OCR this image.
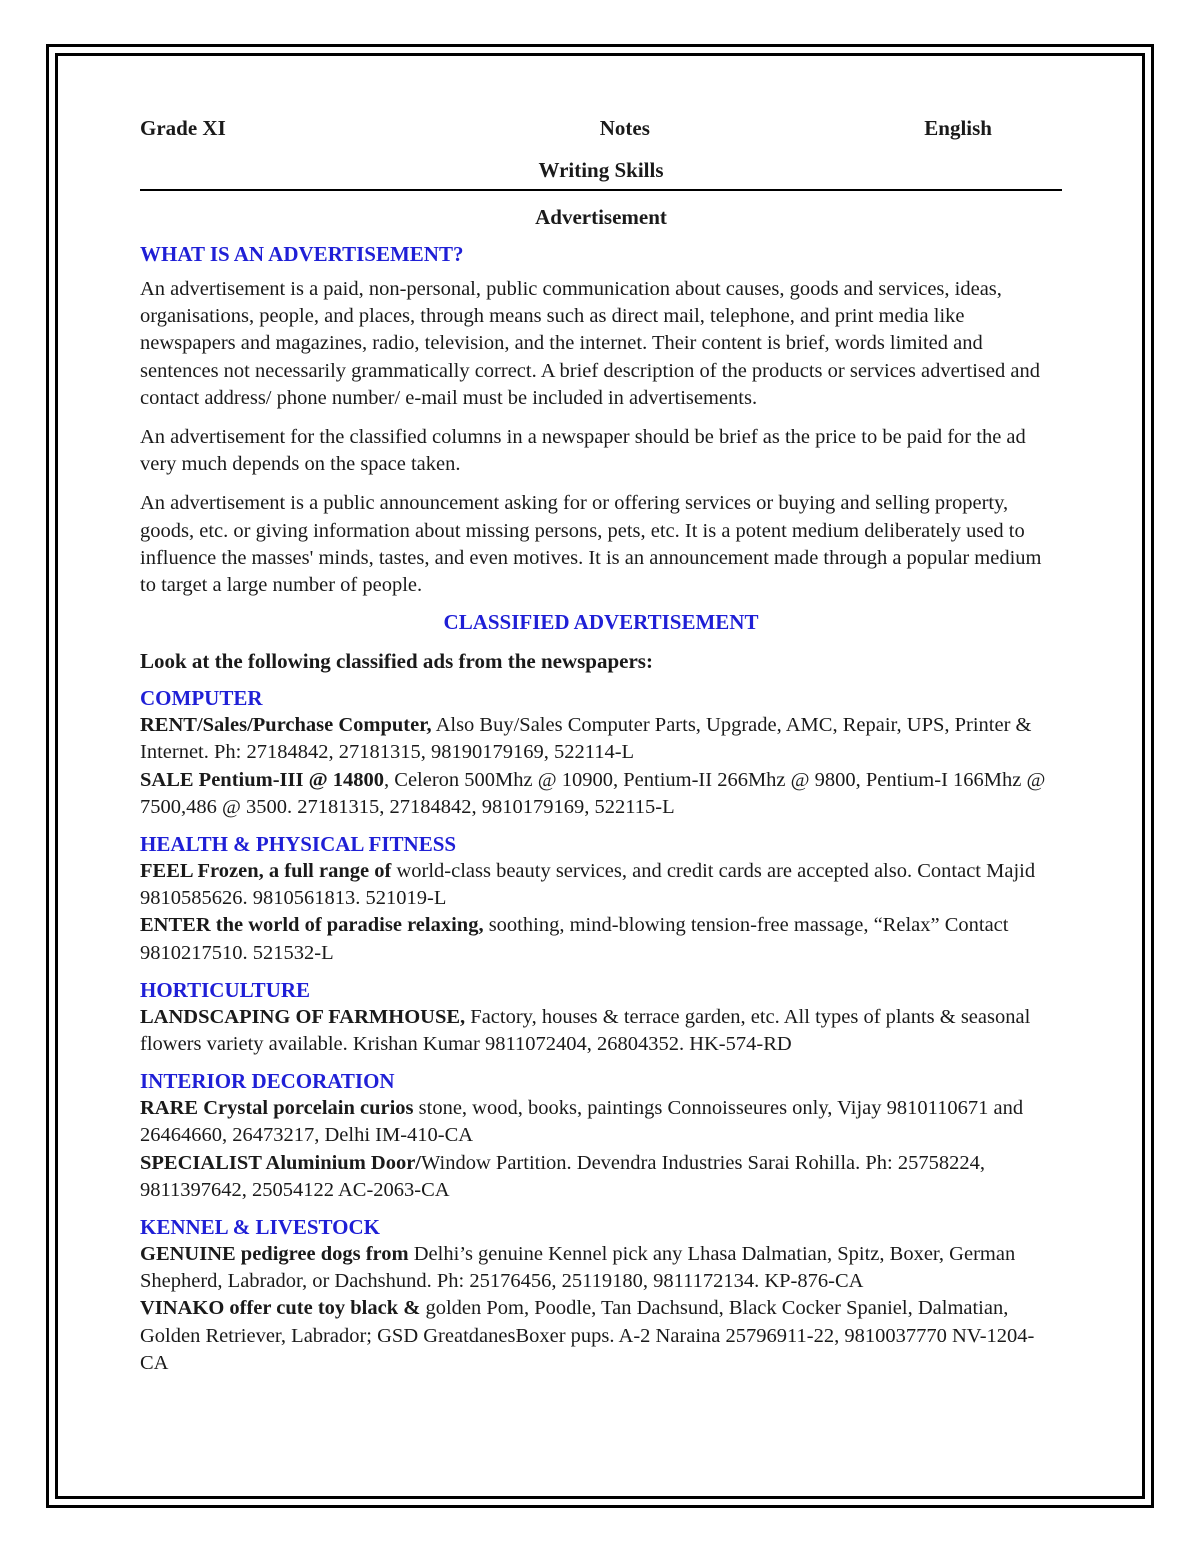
Grade XI	Notes	English
Writing Skills
Advertisement
WHAT IS AN ADVERTISEMENT?

An advertisement is a paid, non-personal, public communication about causes, goods and services, ideas, organisations, people, and places, through means such as direct mail, telephone, and print media like newspapers and magazines, radio, television, and the internet. Their content is brief, words limited and sentences not necessarily grammatically correct. A brief description of the products or services advertised and contact address/ phone number/ e-mail must be included in advertisements.

An advertisement for the classified columns in a newspaper should be brief as the price to be paid for the ad very much depends on the space taken.

An advertisement is a public announcement asking for or offering services or buying and selling property, goods, etc. or giving information about missing persons, pets, etc. It is a potent medium deliberately used to influence the masses' minds, tastes, and even motives. It is an announcement made through a popular medium to target a large number of people.

CLASSIFIED ADVERTISEMENT
Look at the following classified ads from the newspapers:
COMPUTER

RENT/Sales/Purchase Computer, Also Buy/Sales Computer Parts, Upgrade, AMC, Repair, UPS, Printer & Internet. Ph: 27184842, 27181315, 98190179169, 522114-L

SALE Pentium-III @ 14800, Celeron 500Mhz @ 10900, Pentium-II 266Mhz @ 9800, Pentium-I 166Mhz @ 7500,486 @ 3500. 27181315, 27184842, 9810179169, 522115-L

HEALTH & PHYSICAL FITNESS

FEEL Frozen, a full range of world-class beauty services, and credit cards are accepted also. Contact Majid 9810585626. 9810561813. 521019-L

ENTER the world of paradise relaxing, soothing, mind-blowing tension-free massage, “Relax” Contact 9810217510. 521532-L

HORTICULTURE

LANDSCAPING OF FARMHOUSE, Factory, houses & terrace garden, etc. All types of plants & seasonal flowers variety available. Krishan Kumar 9811072404, 26804352. HK-574-RD

INTERIOR DECORATION

RARE Crystal porcelain curios stone, wood, books, paintings Connoisseures only, Vijay 9810110671 and 26464660, 26473217, Delhi IM-410-CA

SPECIALIST Aluminium Door/Window Partition. Devendra Industries Sarai Rohilla. Ph: 25758224, 9811397642, 25054122 AC-2063-CA

KENNEL & LIVESTOCK

GENUINE pedigree dogs from Delhi’s genuine Kennel pick any Lhasa Dalmatian, Spitz, Boxer, German Shepherd, Labrador, or Dachshund. Ph: 25176456, 25119180, 9811172134. KP-876-CA

VINAKO offer cute toy black & golden Pom, Poodle, Tan Dachsund, Black Cocker Spaniel, Dalmatian, Golden Retriever, Labrador; GSD GreatdanesBoxer pups. A-2 Naraina 25796911-22, 9810037770 NV-1204-CA
